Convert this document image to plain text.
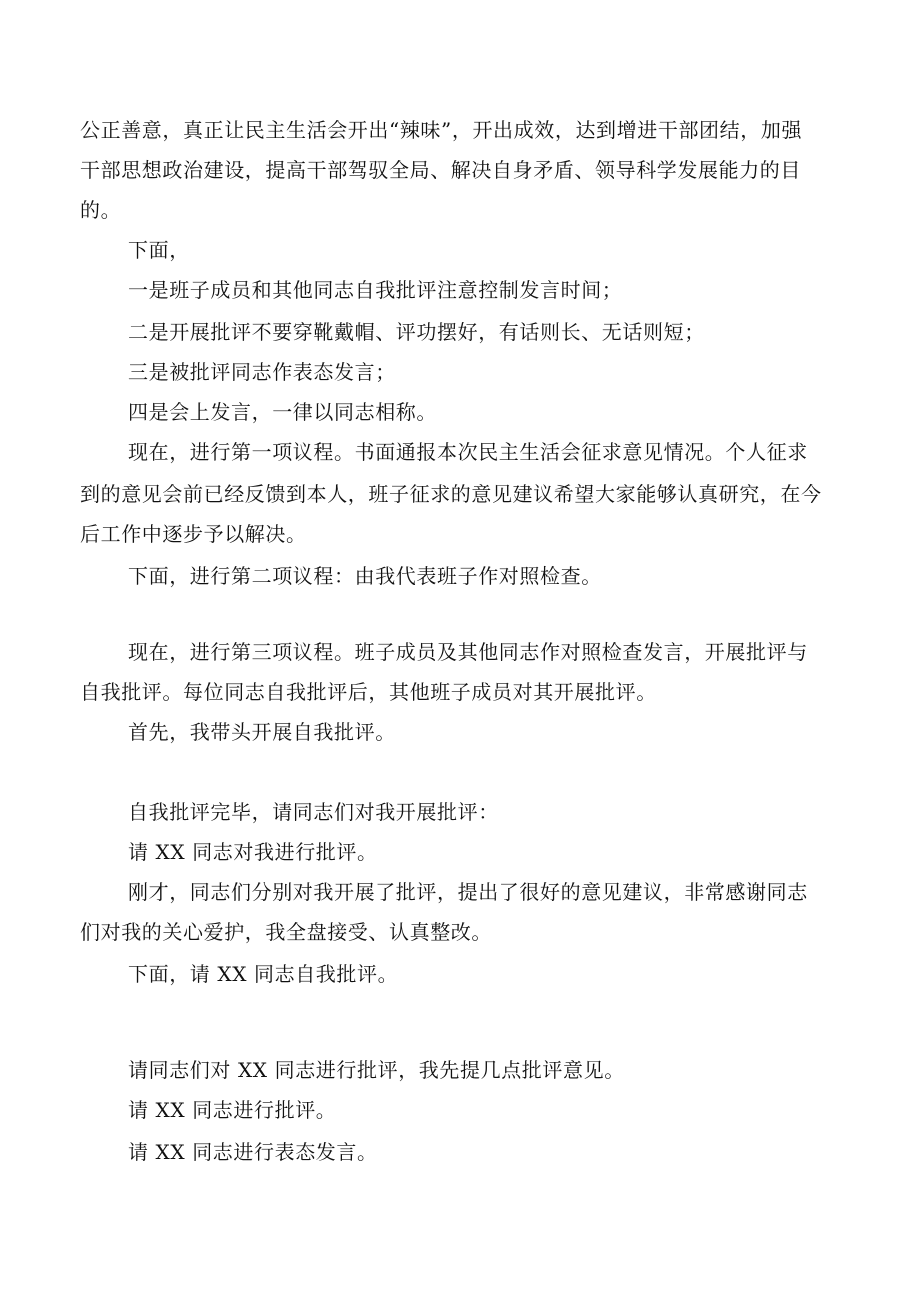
公正善意，真正让民主生活会开出“辣味”，开出成效，达到增进干部团结，加强

干部思想政治建设，提高干部驾驭全局、解决自身矛盾、领导科学发展能力的目

的。

下面，

一是班子成员和其他同志自我批评注意控制发言时间；

二是开展批评不要穿靴戴帽、评功摆好，有话则长、无话则短；

三是被批评同志作表态发言；

四是会上发言，一律以同志相称。

现在，进行第一项议程。书面通报本次民主生活会征求意见情况。个人征求

到的意见会前已经反馈到本人，班子征求的意见建议希望大家能够认真研究，在今

后工作中逐步予以解决。

下面，进行第二项议程：由我代表班子作对照检查。

现在，进行第三项议程。班子成员及其他同志作对照检查发言，开展批评与

自我批评。每位同志自我批评后，其他班子成员对其开展批评。

首先，我带头开展自我批评。

自我批评完毕，请同志们对我开展批评：

请 XX 同志对我进行批评。

刚才，同志们分别对我开展了批评，提出了很好的意见建议，非常感谢同志

们对我的关心爱护，我全盘接受、认真整改。

下面，请 XX 同志自我批评。

请同志们对 XX 同志进行批评，我先提几点批评意见。

请 XX 同志进行批评。

请 XX 同志进行表态发言。
